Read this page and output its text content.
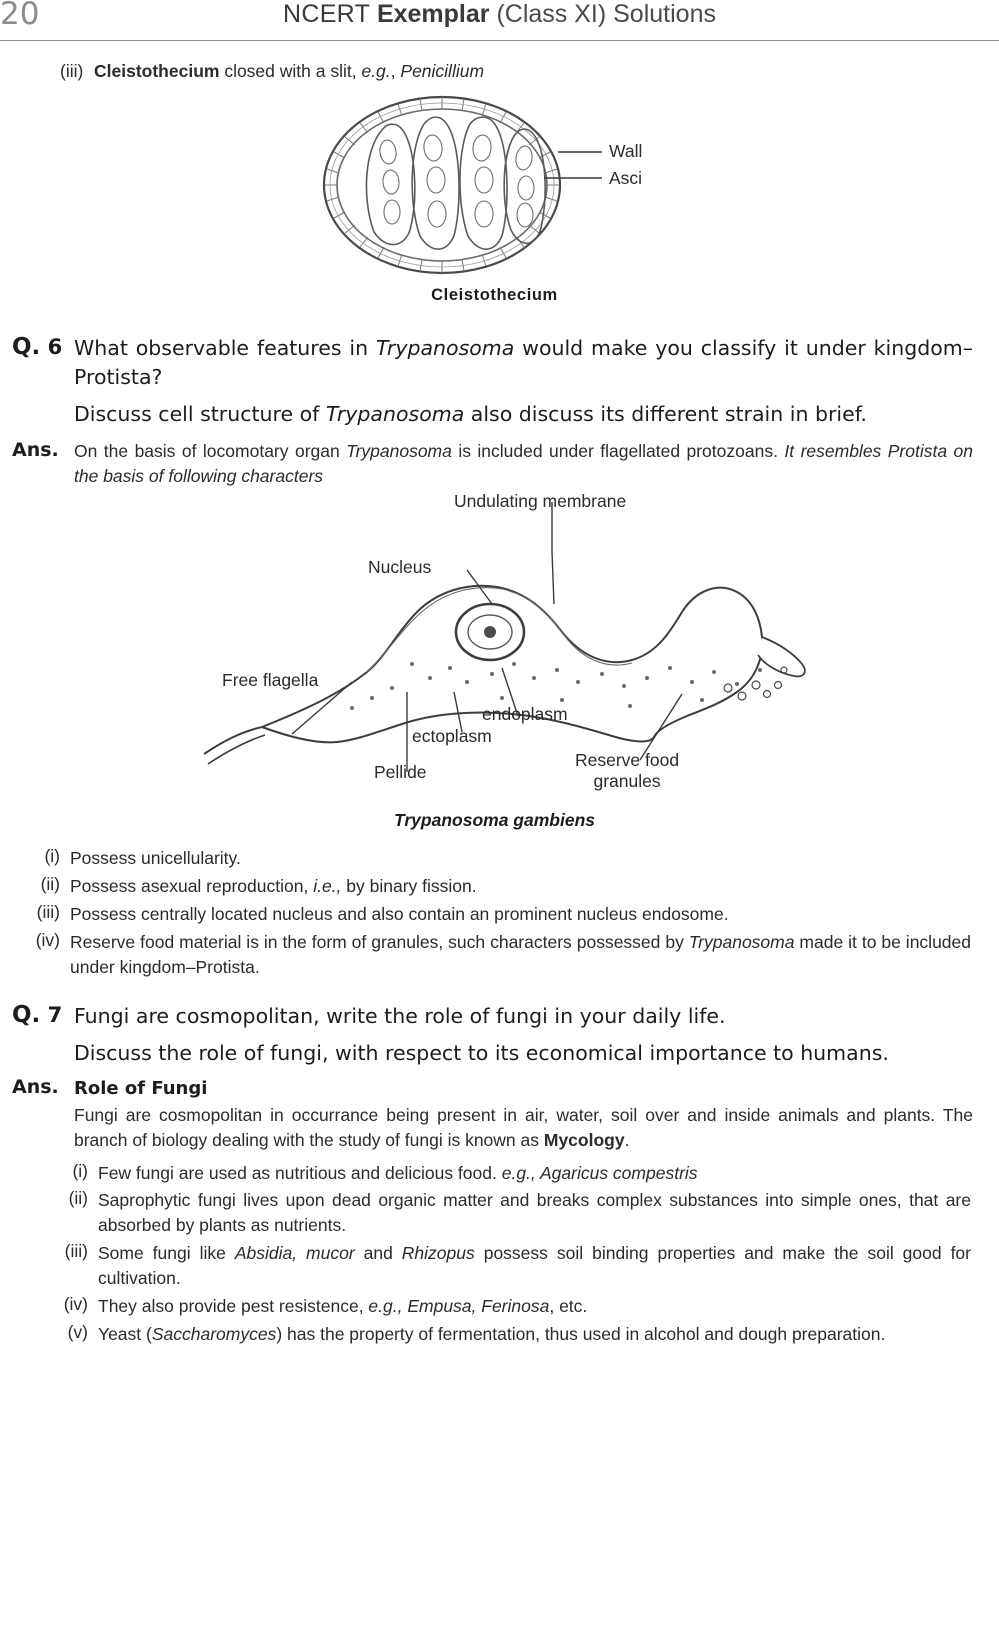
20	NCERT Exemplar (Class XI) Solutions
(iii) Cleistothecium closed with a slit, e.g., Penicillium
Wall
Asci
Cleistothecium
Q. 6 What observable features in Trypanosoma would make you classify it under kingdom–Protista?
Discuss cell structure of Trypanosoma also discuss its different strain in brief.
Ans. On the basis of locomotary organ Trypanosoma is included under flagellated protozoans. It resembles Protista on the basis of following characters
Undulating membrane
Nucleus
Free flagella
endoplasm
ectoplasm
Pellide
Reserve food
granules
Trypanosoma gambiens
(i) Possess unicellularity.
(ii) Possess asexual reproduction, i.e., by binary fission.
(iii) Possess centrally located nucleus and also contain an prominent nucleus endosome.
(iv) Reserve food material is in the form of granules, such characters possessed by Trypanosoma made it to be included under kingdom–Protista.
Q. 7 Fungi are cosmopolitan, write the role of fungi in your daily life.
Discuss the role of fungi, with respect to its economical importance to humans.
Ans. Role of Fungi
Fungi are cosmopolitan in occurrance being present in air, water, soil over and inside animals and plants. The branch of biology dealing with the study of fungi is known as Mycology.
(i) Few fungi are used as nutritious and delicious food. e.g., Agaricus compestris
(ii) Saprophytic fungi lives upon dead organic matter and breaks complex substances into simple ones, that are absorbed by plants as nutrients.
(iii) Some fungi like Absidia, mucor and Rhizopus possess soil binding properties and make the soil good for cultivation.
(iv) They also provide pest resistence, e.g., Empusa, Ferinosa, etc.
(v) Yeast (Saccharomyces) has the property of fermentation, thus used in alcohol and dough preparation.
